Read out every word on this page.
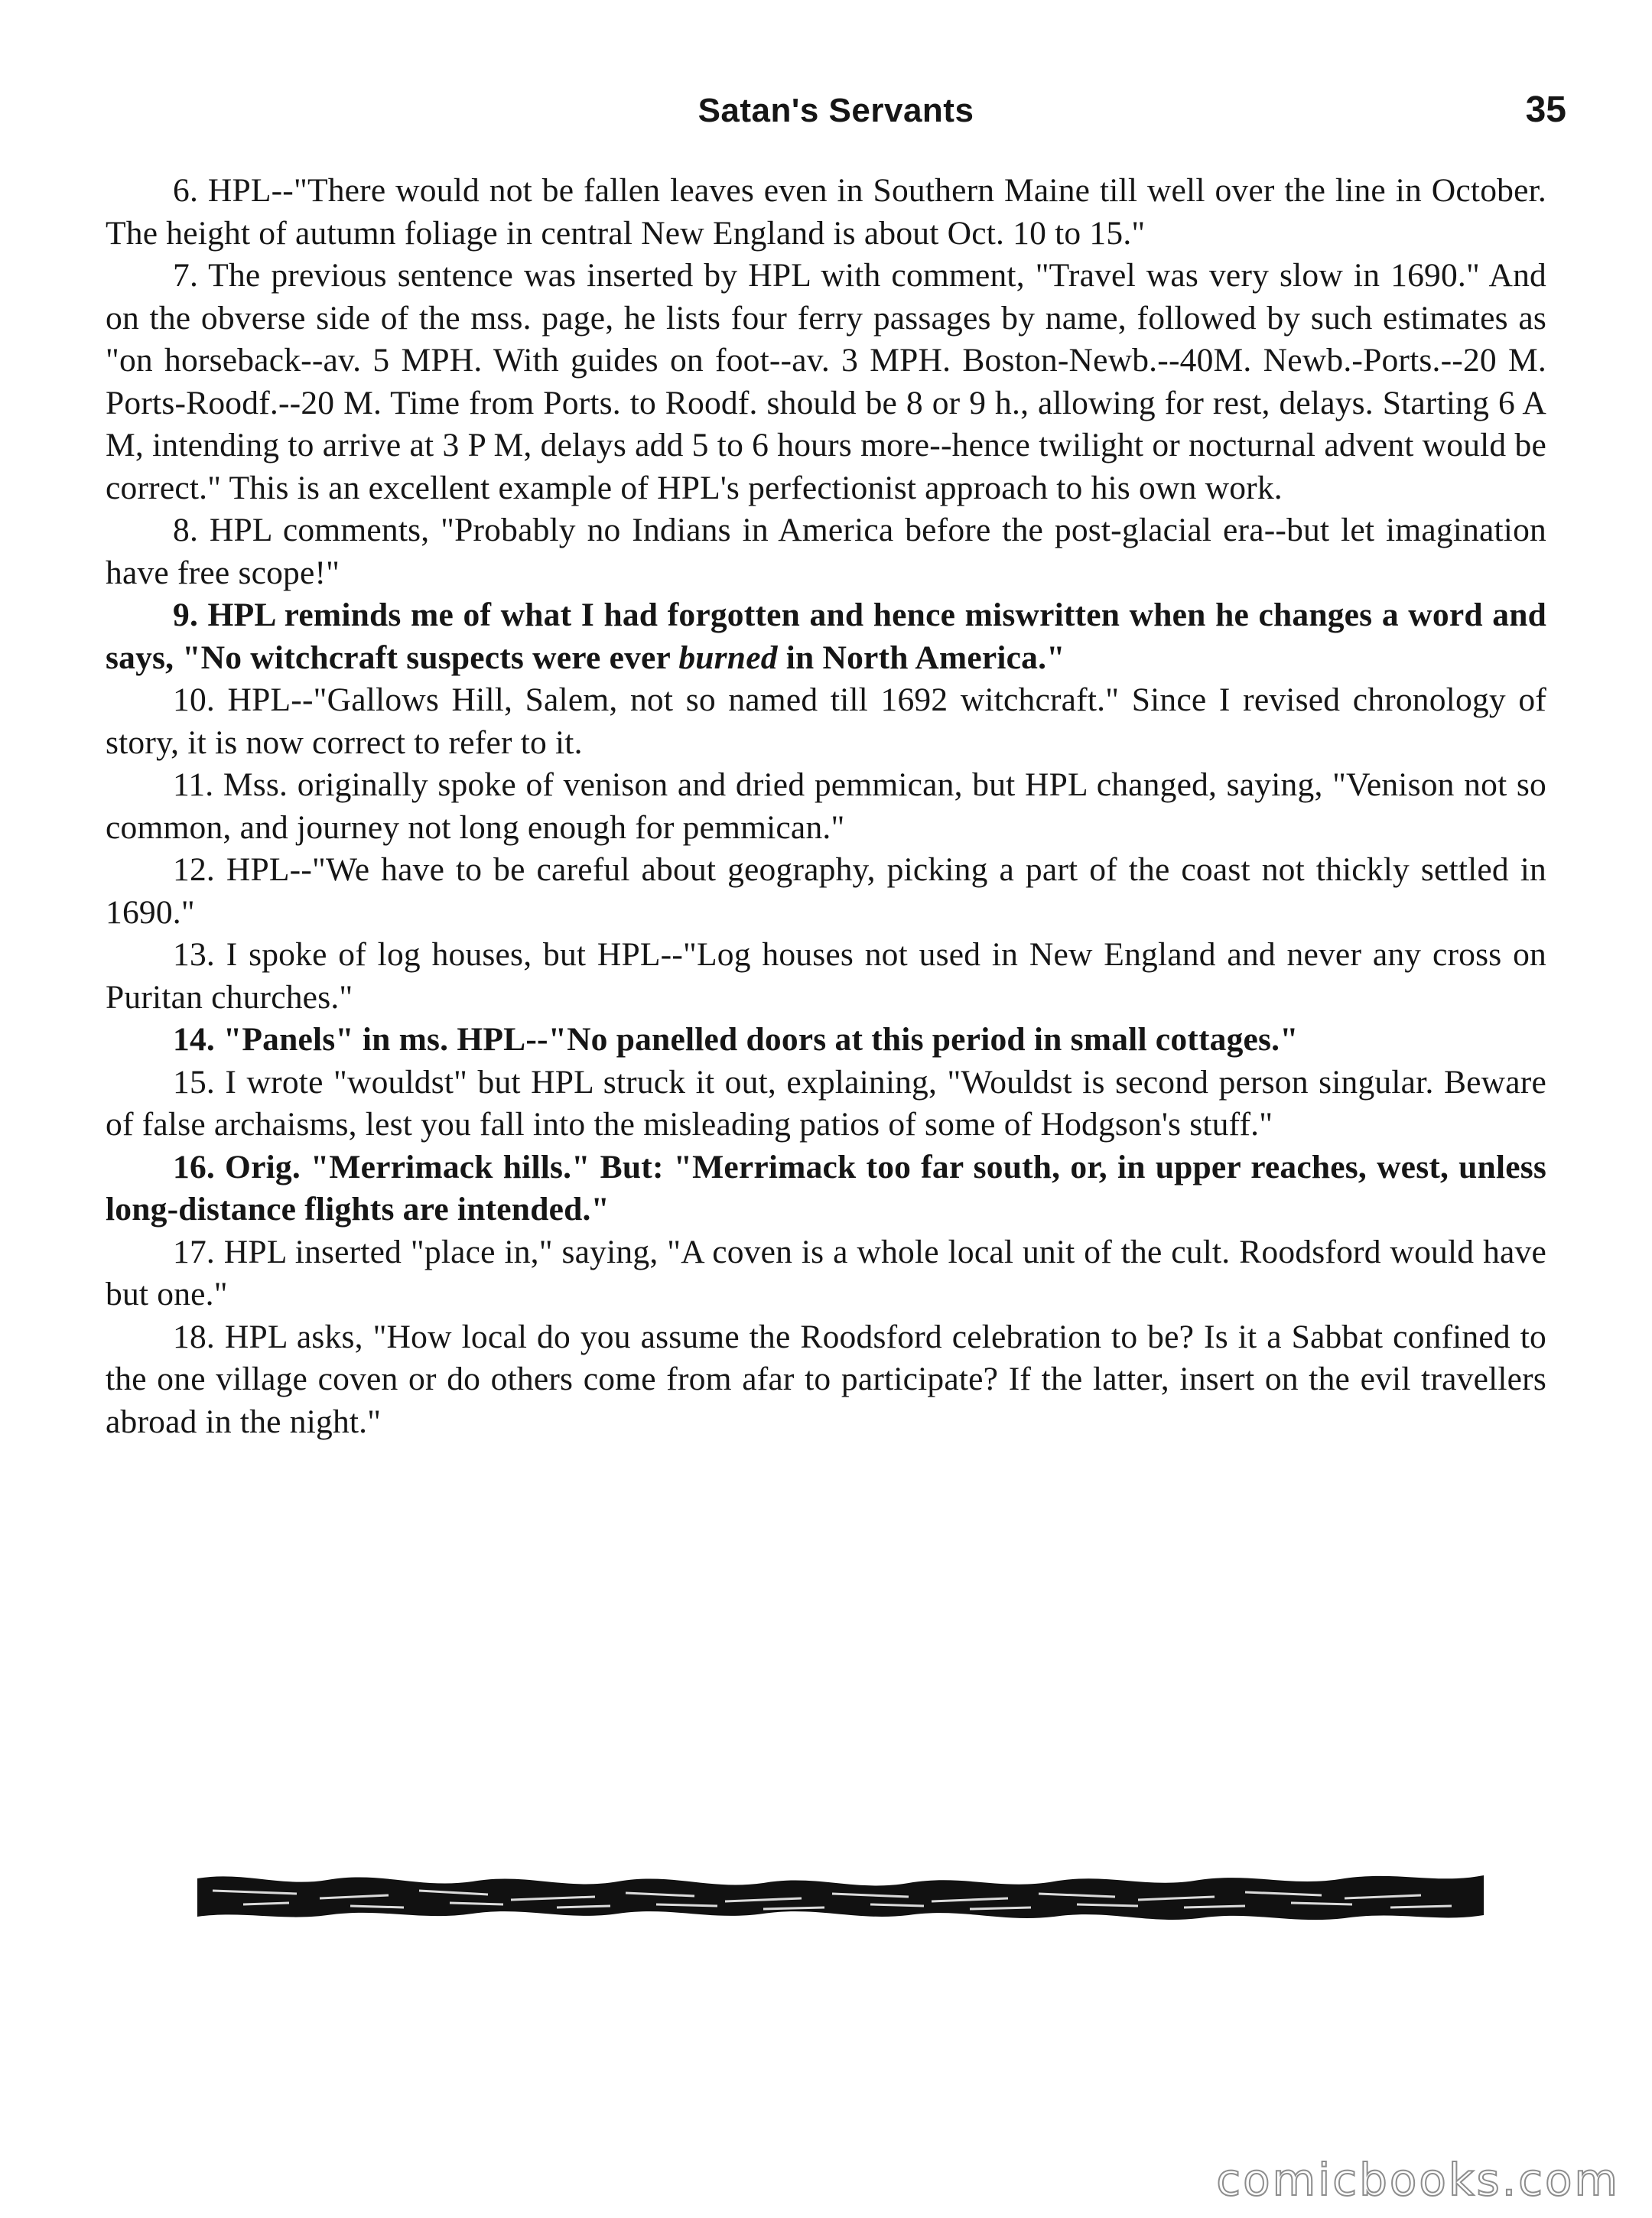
Satan's Servants	35
6. HPL--"There would not be fallen leaves even in Southern Maine till well over the line in October. The height of autumn foliage in central New England is about Oct. 10 to 15."
7. The previous sentence was inserted by HPL with comment, "Travel was very slow in 1690." And on the obverse side of the mss. page, he lists four ferry passages by name, followed by such estimates as "on horseback--av. 5 MPH. With guides on foot--av. 3 MPH. Boston-Newb.--40M. Newb.-Ports.--20 M. Ports-Roodf.--20 M. Time from Ports. to Roodf. should be 8 or 9 h., allowing for rest, delays. Starting 6 A M, intending to arrive at 3 P M, delays add 5 to 6 hours more--hence twilight or nocturnal advent would be correct." This is an excellent example of HPL's perfectionist approach to his own work.
8. HPL comments, "Probably no Indians in America before the post-glacial era--but let imagination have free scope!"
9. HPL reminds me of what I had forgotten and hence miswritten when he changes a word and says, "No witchcraft suspects were ever burned in North America."
10. HPL--"Gallows Hill, Salem, not so named till 1692 witchcraft." Since I revised chronology of story, it is now correct to refer to it.
11. Mss. originally spoke of venison and dried pemmican, but HPL changed, saying, "Venison not so common, and journey not long enough for pemmican."
12. HPL--"We have to be careful about geography, picking a part of the coast not thickly settled in 1690."
13. I spoke of log houses, but HPL--"Log houses not used in New England and never any cross on Puritan churches."
14. "Panels" in ms. HPL--"No panelled doors at this period in small cottages."
15. I wrote "wouldst" but HPL struck it out, explaining, "Wouldst is second person singular. Beware of false archaisms, lest you fall into the misleading patios of some of Hodgson's stuff."
16. Orig. "Merrimack hills." But: "Merrimack too far south, or, in upper reaches, west, unless long-distance flights are intended."
17. HPL inserted "place in," saying, "A coven is a whole local unit of the cult. Roodsford would have but one."
18. HPL asks, "How local do you assume the Roodsford celebration to be? Is it a Sabbat confined to the one village coven or do others come from afar to participate? If the latter, insert on the evil travellers abroad in the night."
comicbooks.com
